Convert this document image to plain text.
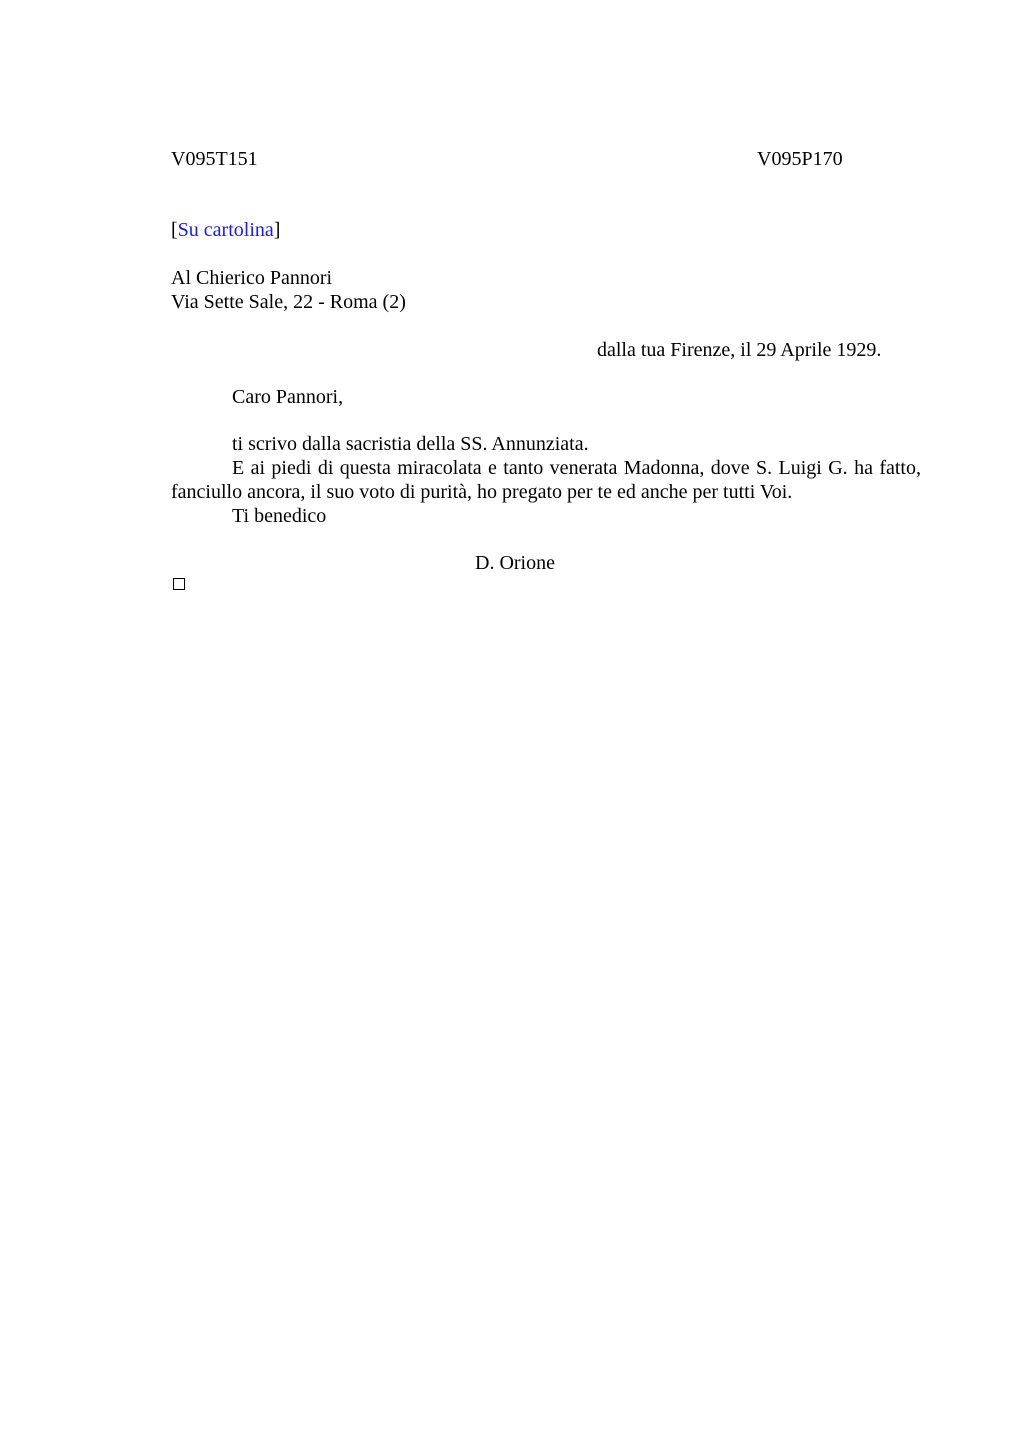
V095T151	V095P170
[Su cartolina]
Al Chierico Pannori
Via Sette Sale, 22 - Roma (2)
dalla tua Firenze, il 29 Aprile 1929.
Caro Pannori,
ti scrivo dalla sacristia della SS. Annunziata.
E ai piedi di questa miracolata e tanto venerata Madonna, dove S. Luigi G. ha fatto,
fanciullo ancora, il suo voto di purità, ho pregato per te ed anche per tutti Voi.
Ti benedico
D. Orione
